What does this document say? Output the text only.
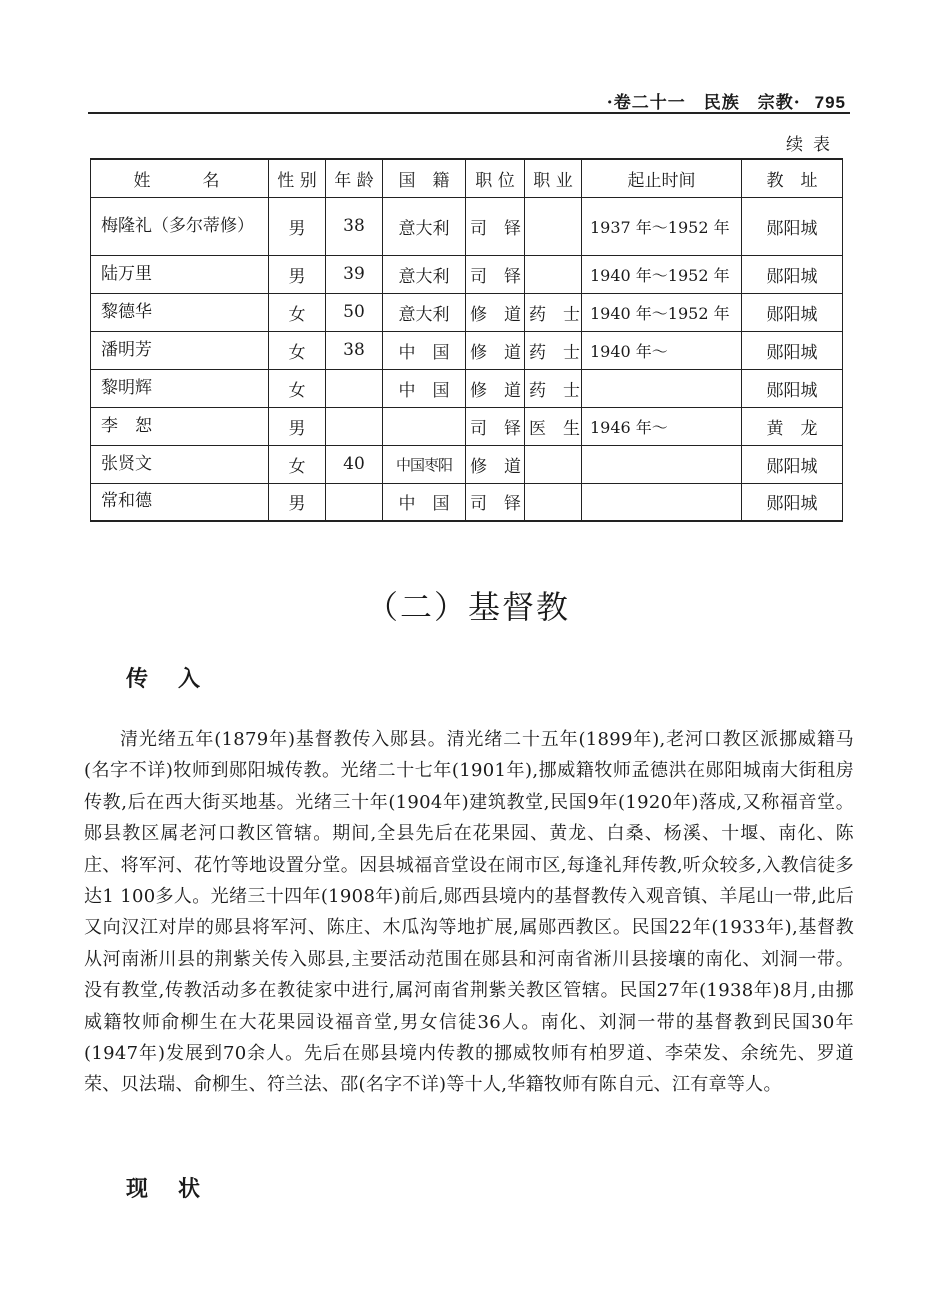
·卷二十一　民族　宗教· 795
续表
姓　　名	性 别	年 龄	国　籍	职 位	职 业	起止时间	教　址
梅隆礼（多尔蒂修）	男	38	意大利	司　铎		1937 年～1952 年	郧阳城
陆万里	男	39	意大利	司　铎		1940 年～1952 年	郧阳城
黎德华	女	50	意大利	修　道	药　士	1940 年～1952 年	郧阳城
潘明芳	女	38	中　国	修　道	药　士	1940 年～	郧阳城
黎明辉	女		中　国	修　道	药　士		郧阳城
李　恕	男			司　铎	医　生	1946 年～	黄　龙
张贤文	女	40	中国枣阳	修　道			郧阳城
常和德	男		中　国	司　铎			郧阳城
（二）基督教
传入

清光绪五年(1879年)基督教传入郧县。清光绪二十五年(1899年),老河口教区派挪威籍马(名字不详)牧师到郧阳城传教。光绪二十七年(1901年),挪威籍牧师孟德洪在郧阳城南大街租房传教,后在西大街买地基。光绪三十年(1904年)建筑教堂,民国9年(1920年)落成,又称福音堂。郧县教区属老河口教区管辖。期间,全县先后在花果园、黄龙、白桑、杨溪、十堰、南化、陈庄、将军河、花竹等地设置分堂。因县城福音堂设在闹市区,每逢礼拜传教,听众较多,入教信徒多达1 100多人。光绪三十四年(1908年)前后,郧西县境内的基督教传入观音镇、羊尾山一带,此后又向汉江对岸的郧县将军河、陈庄、木瓜沟等地扩展,属郧西教区。民国22年(1933年),基督教从河南淅川县的荆紫关传入郧县,主要活动范围在郧县和河南省淅川县接壤的南化、刘洞一带。没有教堂,传教活动多在教徒家中进行,属河南省荆紫关教区管辖。民国27年(1938年)8月,由挪威籍牧师俞柳生在大花果园设福音堂,男女信徒36人。南化、刘洞一带的基督教到民国30年(1947年)发展到70余人。先后在郧县境内传教的挪威牧师有柏罗道、李荣发、余统先、罗道荣、贝法瑞、俞柳生、符兰法、邵(名字不详)等十人,华籍牧师有陈自元、江有章等人。

现状
